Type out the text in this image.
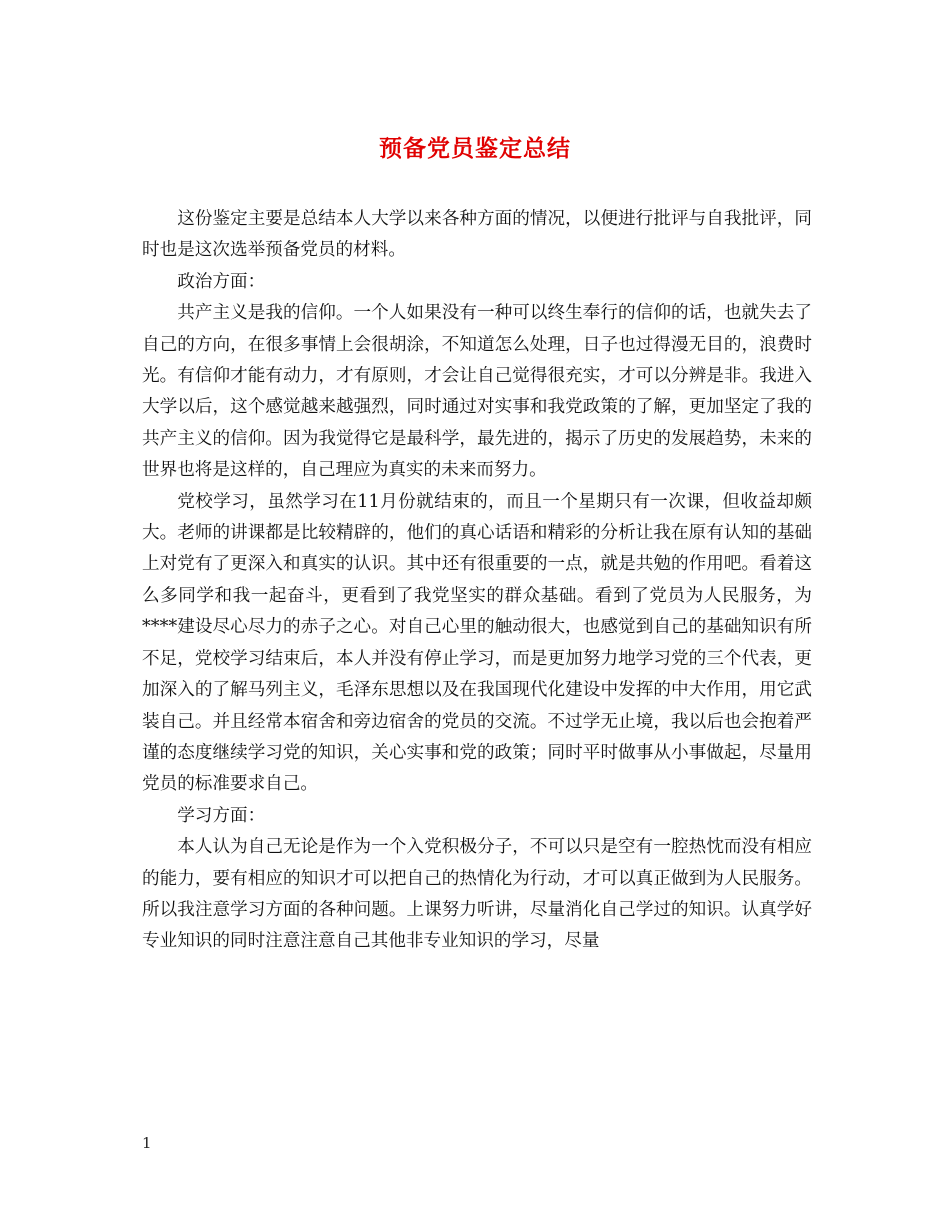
预备党员鉴定总结

这份鉴定主要是总结本人大学以来各种方面的情况，以便进行批评与自我批评，同时也是这次选举预备党员的材料。

政治方面：

共产主义是我的信仰。一个人如果没有一种可以终生奉行的信仰的话，也就失去了自己的方向，在很多事情上会很胡涂，不知道怎么处理，日子也过得漫无目的，浪费时光。有信仰才能有动力，才有原则，才会让自己觉得很充实，才可以分辨是非。我进入大学以后，这个感觉越来越强烈，同时通过对实事和我党政策的了解，更加坚定了我的共产主义的信仰。因为我觉得它是最科学，最先进的，揭示了历史的发展趋势，未来的世界也将是这样的，自己理应为真实的未来而努力。

党校学习，虽然学习在11月份就结束的，而且一个星期只有一次课，但收益却颇大。老师的讲课都是比较精辟的，他们的真心话语和精彩的分析让我在原有认知的基础上对党有了更深入和真实的认识。其中还有很重要的一点，就是共勉的作用吧。看着这么多同学和我一起奋斗，更看到了我党坚实的群众基础。看到了党员为人民服务，为****建设尽心尽力的赤子之心。对自己心里的触动很大，也感觉到自己的基础知识有所不足，党校学习结束后，本人并没有停止学习，而是更加努力地学习党的三个代表，更加深入的了解马列主义，毛泽东思想以及在我国现代化建设中发挥的中大作用，用它武装自己。并且经常本宿舍和旁边宿舍的党员的交流。不过学无止境，我以后也会抱着严谨的态度继续学习党的知识，关心实事和党的政策；同时平时做事从小事做起，尽量用党员的标准要求自己。

学习方面：

本人认为自己无论是作为一个入党积极分子，不可以只是空有一腔热忱而没有相应的能力，要有相应的知识才可以把自己的热情化为行动，才可以真正做到为人民服务。所以我注意学习方面的各种问题。上课努力听讲，尽量消化自己学过的知识。认真学好专业知识的同时注意注意自己其他非专业知识的学习，尽量

1
